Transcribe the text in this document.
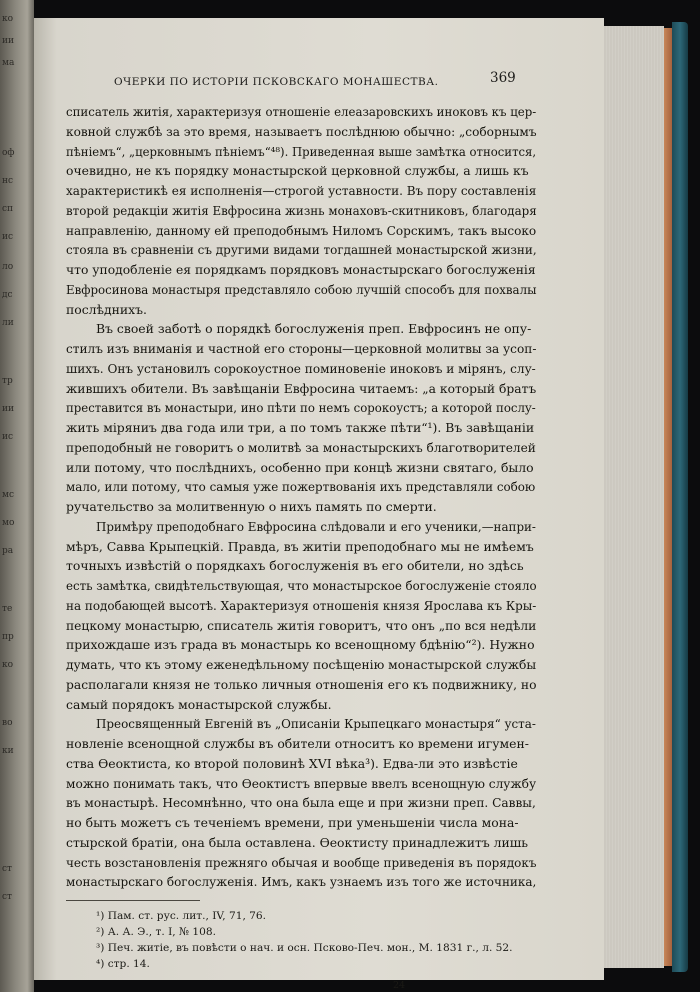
ко
ии
ма
оф
нс
сп
ис
ло
дс
ли
тр
ии
ис
мс
мо
ра
те
пр
ко
во
ки
ст
ст
ОЧЕРКИ ПО ИСТОРІИ ПСКОВСКАГО МОНАШЕСТВА.	369
списатель житія, характеризуя отношеніе елеазаровскихъ иноковъ къ цер-
ковной службѣ за это время, называетъ послѣднюю обычно: „соборнымъ
пѣніемъ“, „церковнымъ пѣніемъ“⁴⁸). Приведенная выше замѣтка относится,
очевидно, не къ порядку монастырской церковной службы, а лишь къ
характеристикѣ ея исполненія—строгой уставности. Въ пору составленія
второй редакціи житія Евфросина жизнь монаховъ-скитниковъ, благодаря
направленію, данному ей преподобнымъ Ниломъ Сорскимъ, такъ высоко
стояла въ сравненіи съ другими видами тогдашней монастырской жизни,
что уподобленіе ея порядкамъ порядковъ монастырскаго богослуженія
Евфросинова монастыря представляло собою лучшій способъ для похвалы
послѣднихъ.
Въ своей заботѣ о порядкѣ богослуженія преп. Евфросинъ не опу-
стилъ изъ вниманія и частной его стороны—церковной молитвы за усоп-
шихъ. Онъ установилъ сорокоустное поминовеніе иноковъ и мірянъ, слу-
жившихъ обители. Въ завѣщаніи Евфросина читаемъ: „а который братъ
преставится въ монастыри, ино пѣти по немъ сорокоустъ; а которой послу-
жить міряниъ два года или три, а по томъ также пѣти“¹). Въ завѣщаніи
преподобный не говоритъ о молитвѣ за монастырскихъ благотворителей
или потому, что послѣднихъ, особенно при концѣ жизни святаго, было
мало, или потому, что самыя уже пожертвованія ихъ представляли собою
ручательство за молитвенную о нихъ память по смерти.
Примѣру преподобнаго Евфросина слѣдовали и его ученики,—напри-
мѣръ, Савва Крыпецкій. Правда, въ житіи преподобнаго мы не имѣемъ
точныхъ извѣстій о порядкахъ богослуженія въ его обители, но здѣсь
есть замѣтка, свидѣтельствующая, что монастырское богослуженіе стояло
на подобающей высотѣ. Характеризуя отношенія князя Ярослава къ Кры-
пецкому монастырю, списатель житія говоритъ, что онъ „по вся недѣли
прихождаше изъ града въ монастырь ко всенощному бдѣнію“²). Нужно
думать, что къ этому еженедѣльному посѣщенію монастырской службы
располагали князя не только личныя отношенія его къ подвижнику, но
самый порядокъ монастырской службы.
Преосвященный Евгеній въ „Описаніи Крыпецкаго монастыря“ уста-
новленіе всенощной службы въ обители относитъ ко времени игумен-
ства Өеоктиста, ко второй половинѣ XVI вѣка³). Едва-ли это извѣстіе
можно понимать такъ, что Өеоктистъ впервые ввелъ всенощную службу
въ монастырѣ. Несомнѣнно, что она была еще и при жизни преп. Саввы,
но быть можетъ съ теченіемъ времени, при уменьшеніи числа мона-
стырской братіи, она была оставлена. Өеоктисту принадлежитъ лишь
честь возстановленія прежняго обычая и вообще приведенія въ порядокъ
монастырскаго богослуженія. Имъ, какъ узнаемъ изъ того же источника,
¹) Пам. ст. рус. лит., IV, 71, 76.
²) А. А. Э., т. I, № 108.
³) Печ. житіе, въ повѣсти о нач. и осн. Псково-Печ. мон., М. 1831 г., л. 52.
⁴) стр. 14.
24
